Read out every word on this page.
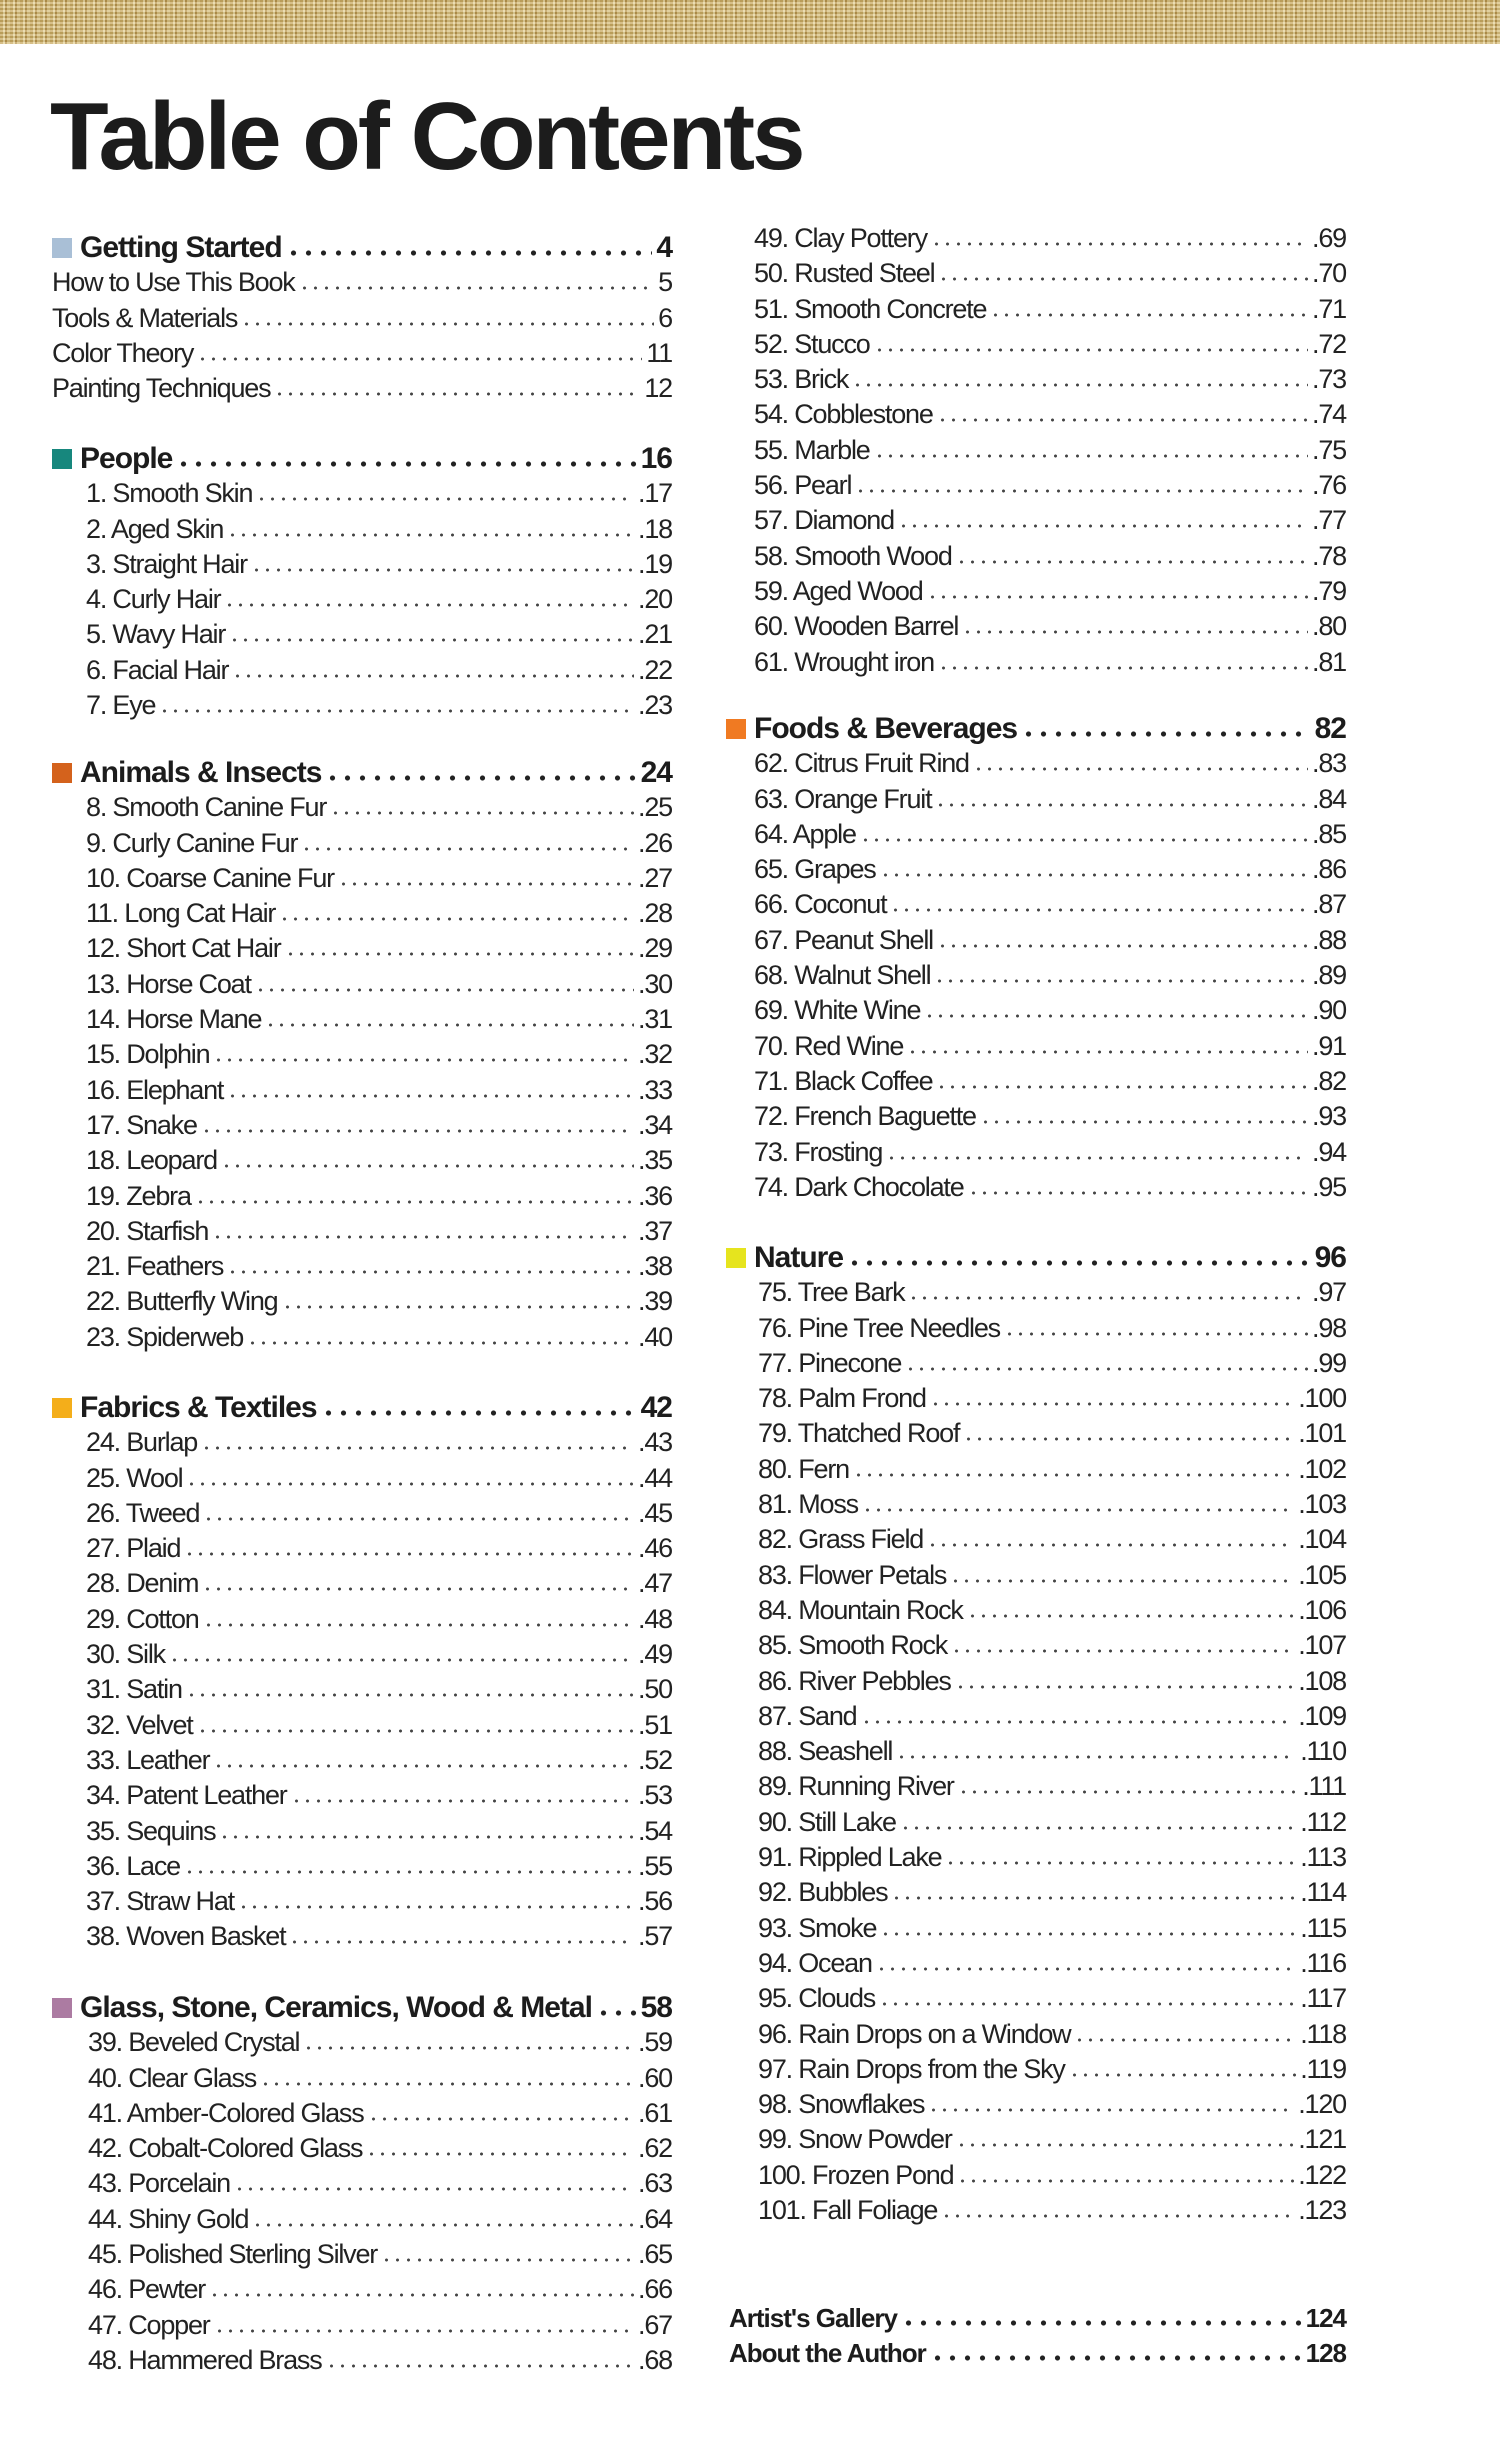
Table of Contents
Getting Started	4
How to Use This Book	5
Tools & Materials	6
Color Theory	11
Painting Techniques	12
People	16
1. Smooth Skin	. 17
2. Aged Skin	. 18
3. Straight Hair	. 19
4. Curly Hair	. 20
5. Wavy Hair	. 21
6. Facial Hair	. 22
7. Eye	. 23
Animals & Insects	24
8. Smooth Canine Fur	. 25
9. Curly Canine Fur	. 26
10. Coarse Canine Fur	. 27
11. Long Cat Hair	. 28
12. Short Cat Hair	. 29
13. Horse Coat	. 30
14. Horse Mane	. 31
15. Dolphin	. 32
16. Elephant	. 33
17. Snake	. 34
18. Leopard	. 35
19. Zebra	. 36
20. Starfish	. 37
21. Feathers	. 38
22. Butterfly Wing	. 39
23. Spiderweb	. 40
Fabrics & Textiles	42
24. Burlap	. 43
25. Wool	. 44
26. Tweed	. 45
27. Plaid	. 46
28. Denim	. 47
29. Cotton	. 48
30. Silk	. 49
31. Satin	. 50
32. Velvet	. 51
33. Leather	. 52
34. Patent Leather	. 53
35. Sequins	. 54
36. Lace	. 55
37. Straw Hat	. 56
38. Woven Basket	. 57
Glass, Stone, Ceramics, Wood & Metal 58
39. Beveled Crystal	. 59
40. Clear Glass	. 60
41. Amber-Colored Glass	. 61
42. Cobalt-Colored Glass	. 62
43. Porcelain	. 63
44. Shiny Gold	. 64
45. Polished Sterling Silver	. 65
46. Pewter	. 66
47. Copper	. 67
48. Hammered Brass	. 68
49. Clay Pottery	. 69
50. Rusted Steel	. 70
51. Smooth Concrete	. 71
52. Stucco	. 72
53. Brick	. 73
54. Cobblestone	. 74
55. Marble	. 75
56. Pearl	. 76
57. Diamond	. 77
58. Smooth Wood	. 78
59. Aged Wood	. 79
60. Wooden Barrel	. 80
61. Wrought iron	. 81
Foods & Beverages	82
62. Citrus Fruit Rind	. 83
63. Orange Fruit	. 84
64. Apple	. 85
65. Grapes	. 86
66. Coconut	. 87
67. Peanut Shell	. 88
68. Walnut Shell	. 89
69. White Wine	. 90
70. Red Wine	. 91
71. Black Coffee	. 82
72. French Baguette	. 93
73. Frosting	. 94
74. Dark Chocolate	. 95
Nature	96
75. Tree Bark	. 97
76. Pine Tree Needles	. 98
77. Pinecone	. 99
78. Palm Frond	. 100
79. Thatched Roof	. 101
80. Fern	. 102
81. Moss	. 103
82. Grass Field	. 104
83. Flower Petals	. 105
84. Mountain Rock	. 106
85. Smooth Rock	. 107
86. River Pebbles	. 108
87. Sand	. 109
88. Seashell	. 110
89. Running River	. 111
90. Still Lake	. 112
91. Rippled Lake	. 113
92. Bubbles	. 114
93. Smoke	. 115
94. Ocean	. 116
95. Clouds	. 117
96. Rain Drops on a Window	. 118
97. Rain Drops from the Sky	. 119
98. Snowflakes	. 120
99. Snow Powder	. 121
100. Frozen Pond	. 122
101. Fall Foliage	. 123
Artist's Gallery	124
About the Author	128
